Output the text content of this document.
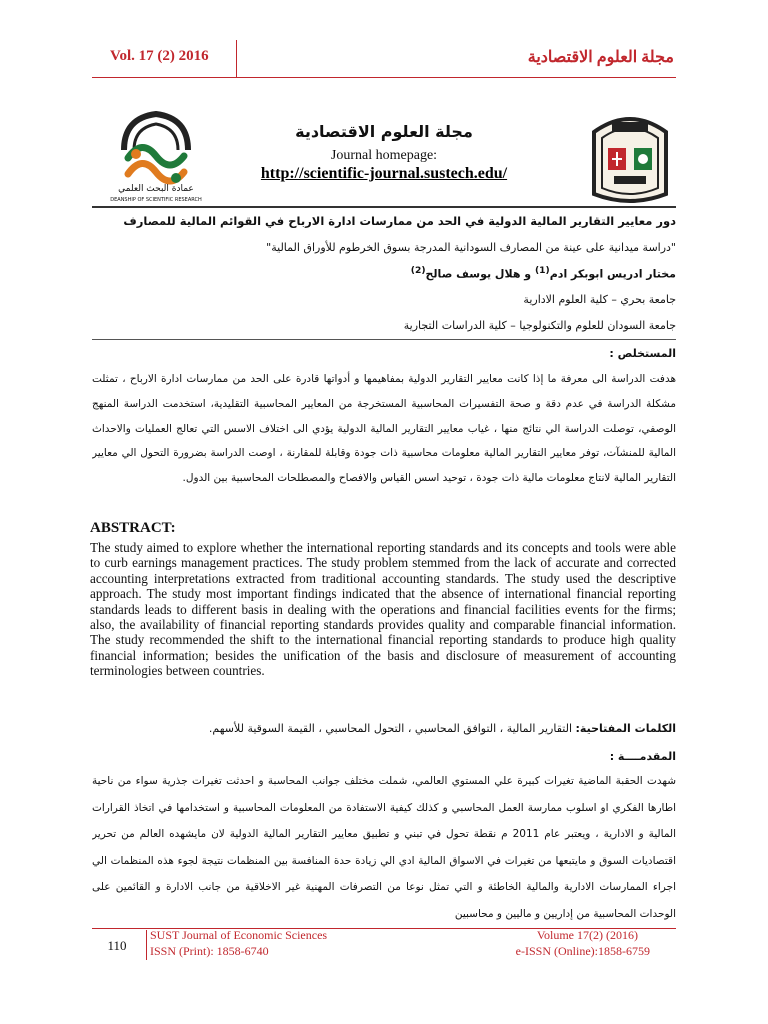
Vol. 17 (2) 2016	مجلة العلوم الاقتصادية
عمادة البحث العلمي
DEANSHIP OF SCIENTIFIC RESEARCH
مجلة العلوم الاقتصادية
Journal homepage:
http://scientific-journal.sustech.edu/
دور معايير التقارير المالية الدولية في الحد من ممارسات ادارة الارباح في القوائم المالية للمصارف
"دراسة ميدانية على عينة من المصارف السودانية المدرجة بسوق الخرطوم للأوراق المالية"
مختار ادريس ابوبكر ادم$^{(1)}$ و هلال يوسف صالح$^{(2)}$
جامعة بحري – كلية العلوم الادارية
جامعة السودان للعلوم والتكنولوجيا – كلية الدراسات التجارية
المستخلص :
هدفت الدراسة الى معرفة ما إذا كانت معايير التقارير الدولية بمفاهيمها و أدواتها قادرة على الحد من ممارسات ادارة الارباح ، تمثلت مشكلة الدراسة في عدم دقة و صحة التفسيرات المحاسبية المستخرجة من المعايير المحاسبية التقليدية، استخدمت الدراسة المنهج الوصفي، توصلت الدراسة الي نتائج منها ، غياب معايير التقارير المالية الدولية يؤدي الى اختلاف الاسس التي تعالج العمليات والاحداث المالية للمنشآت، توفر معايير التقارير المالية معلومات محاسبية ذات جودة وقابلة للمقارنة ، اوصت الدراسة بضرورة التحول الي معايير التقارير المالية لانتاج معلومات مالية ذات جودة ، توحيد اسس القياس والافصاح والمصطلحات المحاسبية بين الدول.
ABSTRACT:
The study aimed to explore whether the international reporting standards and its concepts and tools were able to curb earnings management practices. The study problem stemmed from the lack of accurate and corrected accounting interpretations extracted from traditional accounting standards. The study used the descriptive approach. The study most important findings indicated that the absence of international financial reporting standards leads to different basis in dealing with the operations and financial facilities events for the firms; also, the availability of financial reporting standards provides quality and comparable financial information. The study recommended the shift to the international financial reporting standards to produce high quality financial information; besides the unification of the basis and disclosure of measurement of accounting terminologies between countries.
الكلمات المفتاحية: التقارير المالية ، التوافق المحاسبي ، التحول المحاسبي ، القيمة السوقية للأسهم.
المقدمــــة :
شهدت الحقبة الماضية تغيرات كبيرة علي المستوي العالمي، شملت مختلف جوانب المحاسبة و احدثت تغيرات جذرية سواء من ناحية اطارها الفكري او اسلوب ممارسة العمل المحاسبي و كذلك كيفية الاستفادة من المعلومات المحاسبية و استخدامها في اتخاذ القرارات المالية و الادارية ، ويعتبر عام 2011 م نقطة تحول في تبني و تطبيق معايير التقارير المالية الدولية لان مايشهده العالم من تحرير اقتصاديات السوق و مايتبعها من تغيرات في الاسواق المالية ادي الي زيادة حدة المنافسة بين المنظمات نتيجة لجوء هذه المنظمات الي اجراء الممارسات الادارية والمالية الخاطئة و التي تمثل نوعا من التصرفات المهنية غير الاخلاقية من جانب الادارة و القائمين على الوحدات المحاسبية من إداريين و ماليين و محاسبين
110
SUST Journal of Economic Sciences
ISSN (Print): 1858-6740
Volume 17(2) (2016)
e-ISSN (Online):1858-6759
